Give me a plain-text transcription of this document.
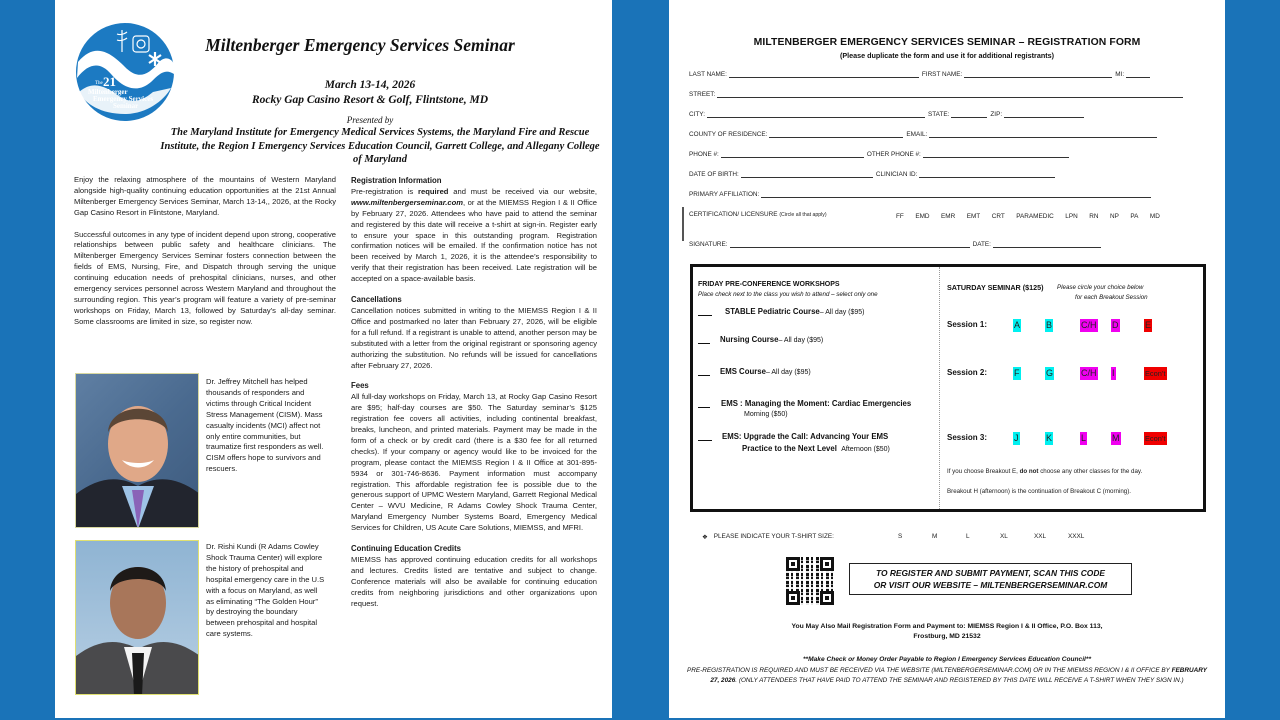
The 21 st
Miltenberger
Emergency Services
Seminar
Miltenberger Emergency Services Seminar
March 13-14, 2026
Rocky Gap Casino Resort & Golf, Flintstone, MD
Presented by
The Maryland Institute for Emergency Medical Services Systems, the Maryland Fire and Rescue Institute, the Region I Emergency Services Education Council, Garrett College, and Allegany College of Maryland

Enjoy the relaxing atmosphere of the mountains of Western Maryland alongside high-quality continuing education opportunities at the 21st Annual Miltenberger Emergency Services Seminar, March 13-14,, 2026, at the Rocky Gap Casino Resort in Flintstone, Maryland.

Successful outcomes in any type of incident depend upon strong, cooperative relationships between public safety and healthcare clinicians. The Miltenberger Emergency Services Seminar fosters connection between the fields of EMS, Nursing, Fire, and Dispatch through serving the unique continuing education needs of prehospital clinicians, nurses, and other emergency services personnel across Western Maryland and throughout the surrounding region. This year’s program will feature a variety of pre-seminar workshops on Friday, March 13, followed by Saturday’s all-day seminar. Some classrooms are limited in size, so register now.

Dr. Jeffrey Mitchell has helped thousands of responders and victims through Critical Incident Stress Management (CISM). Mass casualty incidents (MCI) affect not only entire communities, but traumatize first responders as well. CISM offers hope to survivors and rescuers.
Dr. Rishi Kundi (R Adams Cowley Shock Trauma Center) will explore the history of prehospital and hospital emergency care in the U.S with a focus on Maryland, as well as eliminating “The Golden Hour” by destroying the boundary between prehospital and hospital care systems.
Registration Information

Pre-registration is required and must be received via our website, www.miltenbergerseminar.com, or at the MIEMSS Region I & II Office by February 27, 2026. Attendees who have paid to attend the seminar and registered by this date will receive a t-shirt at sign-in. Register early to ensure your space in this outstanding program. Registration confirmation notices will be emailed. If the confirmation notice has not been received by March 1, 2026, it is the attendee’s responsibility to verify that their registration has been received. Late registration will be accepted on a space-available basis.

Cancellations

Cancellation notices submitted in writing to the MIEMSS Region I & II Office and postmarked no later than February 27, 2026, will be eligible for a full refund. If a registrant is unable to attend, another person may be substituted with a letter from the original registrant or sponsoring agency authorizing the substitution. No refunds will be issued for cancellations after February 27, 2026.

Fees

All full-day workshops on Friday, March 13, at Rocky Gap Casino Resort are $95; half-day courses are $50. The Saturday seminar’s $125 registration fee covers all activities, including continental breakfast, breaks, luncheon, and printed materials. Payment may be made in the form of a check or by credit card (there is a $30 fee for all returned checks). If your company or agency would like to be invoiced for the program, please contact the MIEMSS Region I & II Office at 301-895-5934 or 301-746-8636. Payment information must accompany registration. This affordable registration fee is possible due to the generous support of UPMC Western Maryland, Garrett Regional Medical Center – WVU Medicine, R Adams Cowley Shock Trauma Center, Maryland Emergency Number Systems Board, Emergency Medical Services for Children, US Acute Care Solutions, MIEMSS, and MFRI.

Continuing Education Credits

MIEMSS has approved continuing education credits for all workshops and lectures. Credits listed are tentative and subject to change. Conference materials will also be available for continuing education credits from neighboring jurisdictions and other organizations upon request.

MILTENBERGER EMERGENCY SERVICES SEMINAR – REGISTRATION FORM
(Please duplicate the form and use it for additional registrants)
LAST NAME:	FIRST NAME:	MI:
STREET:
CITY:	STATE:	ZIP:
COUNTY OF RESIDENCE:	EMAIL:
PHONE #:	OTHER PHONE #:
DATE OF BIRTH:	CLINICIAN ID:
PRIMARY AFFILIATION:
CERTIFICATION/ LICENSURE (Circle all that apply)	FF EMD EMR EMT CRT PARAMEDIC LPN RN NP PA MD
SIGNATURE:	DATE:
FRIDAY PRE-CONFERENCE WORKSHOPS
Place check next to the class you wish to attend – select only one
STABLE Pediatric Course – All day ($95)
Nursing Course – All day ($95)
EMS Course – All day ($95)
EMS : Managing the Moment: Cardiac Emergencies
Morning ($50)
EMS: Upgrade the Call: Advancing Your EMS
Practice to the Next Level
Afternoon ($50)
SATURDAY SEMINAR ($125) Please circle your choice below
for each Breakout Session
Session 1:	A	B	C/H D	E
Session 2:	F	G	C/H I	Econ’t
Session 3:	J	K	L	M	Econ’t
If you choose Breakout E, do not choose any other classes for the day.
Breakout H (afternoon) is the continuation of Breakout C (morning).
❖ PLEASE INDICATE YOUR T-SHIRT SIZE:	S	M	L	XL	XXL	XXXL
TO REGISTER AND SUBMIT PAYMENT, SCAN THIS CODE
OR VISIT OUR WEBSITE – MILTENBERGERSEMINAR.COM
You May Also Mail Registration Form and Payment to: MIEMSS Region I & II Office, P.O. Box 113,
Frostburg, MD 21532
**Make Check or Money Order Payable to Region I Emergency Services Education Council**
PRE-REGISTRATION IS REQUIRED AND MUST BE RECEIVED VIA THE WEBSITE (MILTENBERGERSEMINAR.COM) OR IN THE MIEMSS REGION I & II OFFICE BY FEBRUARY 27, 2026. (ONLY ATTENDEES THAT HAVE PAID TO ATTEND THE SEMINAR AND REGISTERED BY THIS DATE WILL RECEIVE A T-SHIRT WHEN THEY SIGN IN.)
